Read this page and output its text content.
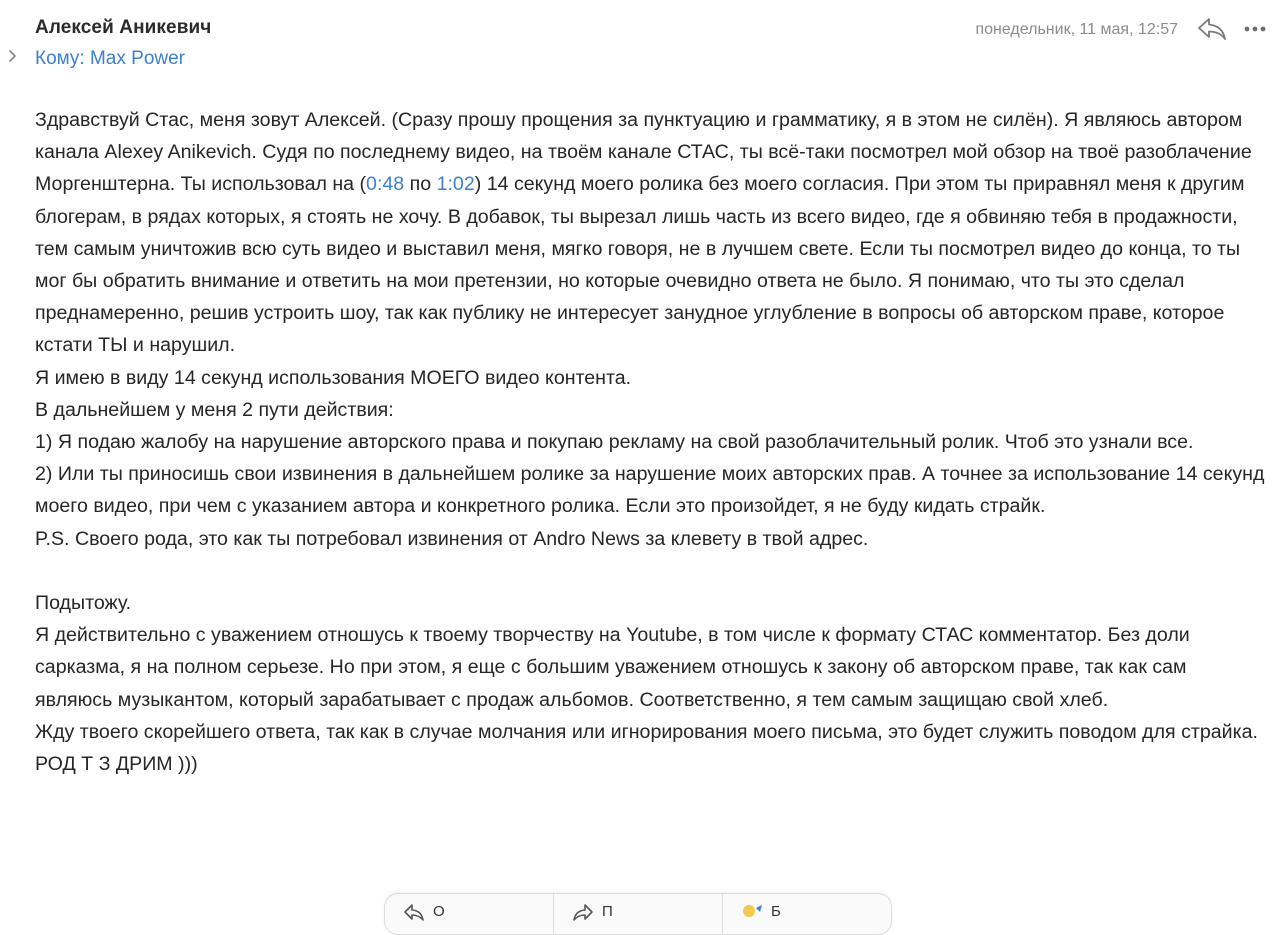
Алексей Аникевич
Кому: Max Power
понедельник, 11 мая, 12:57

Здравствуй Стас, меня зовут Алексей. (Сразу прошу прощения за пунктуацию и грамматику, я в этом не силён). Я являюсь автором канала Alexey Anikevich. Судя по последнему видео, на твоём канале СТАС, ты всё-таки посмотрел мой обзор на твоё разоблачение Моргенштерна. Ты использовал на (0:48 по 1:02) 14 секунд моего ролика без моего согласия. При этом ты приравнял меня к другим блогерам, в рядах которых, я стоять не хочу. В добавок, ты вырезал лишь часть из всего видео, где я обвиняю тебя в продажности, тем самым уничтожив всю суть видео и выставил меня, мягко говоря, не в лучшем свете. Если ты посмотрел видео до конца, то ты мог бы обратить внимание и ответить на мои претензии, но которые очевидно ответа не было. Я понимаю, что ты это сделал преднамеренно, решив устроить шоу, так как публику не интересует занудное углубление в вопросы об авторском праве, которое кстати ТЫ и нарушил.

Я имею в виду 14 секунд использования МОЕГО видео контента.

В дальнейшем у меня 2 пути действия:

1) Я подаю жалобу на нарушение авторского права и покупаю рекламу на свой разоблачительный ролик. Чтоб это узнали все.

2) Или ты приносишь свои извинения в дальнейшем ролике за нарушение моих авторских прав. А точнее за использование 14 секунд моего видео, при чем с указанием автора и конкретного ролика. Если это произойдет, я не буду кидать страйк.

P.S. Своего рода, это как ты потребовал извинения от Andro News за клевету в твой адрес.

Подытожу.

Я действительно с уважением отношусь к твоему творчеству на Youtube, в том числе к формату СТАС комментатор. Без доли сарказма, я на полном серьезе. Но при этом, я еще с большим уважением отношусь к закону об авторском праве, так как сам являюсь музыкантом, который зарабатывает с продаж альбомов. Соответственно, я тем самым защищаю свой хлеб.

Жду твоего скорейшего ответа, так как в случае молчания или игнорирования моего письма, это будет служить поводом для страйка. РОД Т З ДРИМ )))

О	П	Б
